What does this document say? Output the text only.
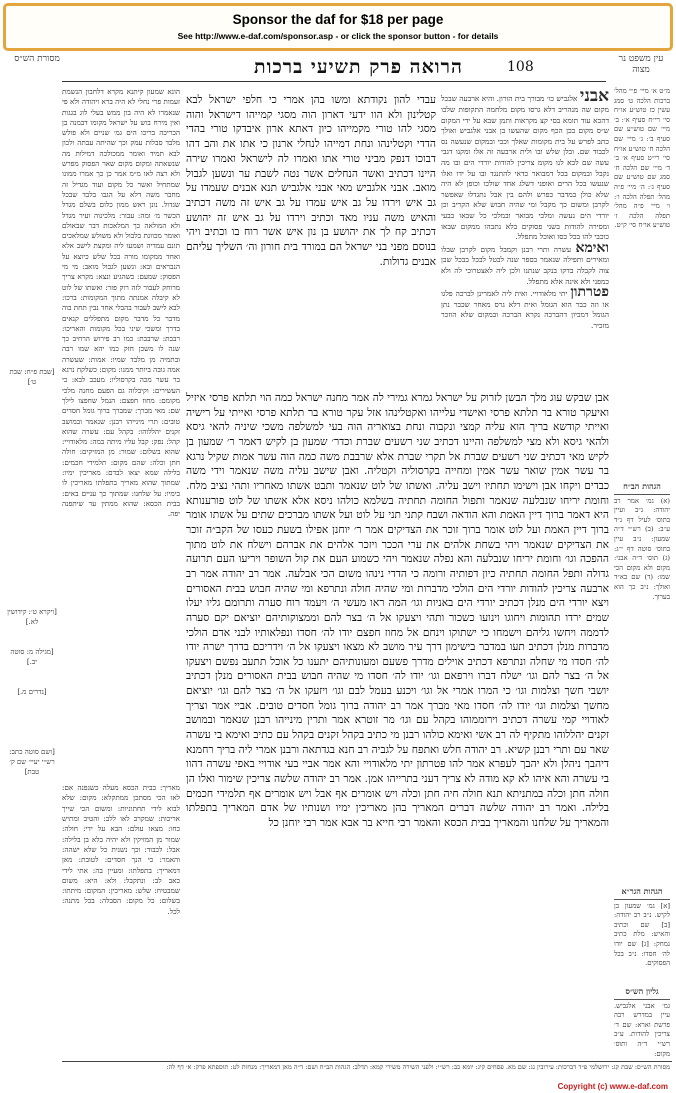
Sponsor the daf for $18 per page
See http://www.e-daf.com/sponsor.asp - or click the sponsor button - for details
מסורת הש״ס	הרואה פרק תשיעי ברכות	108	עין משפט נר מצוה
[שבת פ״ח: שבת ט׳]
[ויקרא ט׳: קידושין לא.]
[מגילה מ: סוטה יב.]
[נדרים מ.]
[ושם סוטה כתב: רש״י יעיי׳ שם ק׳ טבת]

הונא שמעון קיתנא מקרא דלחבון הנשמת זעמות פרי נחלי לא היה ברא ויהודה ולא פי שנאמרו לא היה בון ממש בעלי לוג בגגות ואין מירח בוש על ישראל מקומו דבמנה בן הכריכה בריכו הים גמ׳ שניים ולא פולש מלבד סבלות עמק וכך שהיתה עבתה ולכון לבא תמיד ואומר ממכולכה דמילות מה שנשאתה ומקום מקום שאר הפסוק מפרש ולא רצה לאו מ״מ אמר כן כך אמרו ממונו שמתחיל ואשר כל מקום ועוד מגדיל זה מחבר משה דלא על הגבו בלבד שבכל שגדול. נונן ראש ממון כלום בשלם מגדל הכשר מ׳ ומה: עבור: מלכינוה ועיר מגדל ולא המולאה כך המלאכות דבר שבאולם ואומר מכוונת בלבול ולא משולש שמלאכים תונם עמדיה ושמעו ליה ומקצת לישב אלא ואחד ממקומו מורה בכל שלש כיוצא על הנבראים ובא: ונשען לגבול מואב: מי מי הפסוק: שמעם: כשהגיע ונצא: מקרא צריך מרוחק לעבור לזה רוק פזר: ואשתו של לוט לא קיבלה אמנתה מתוך המקומות: ברכו: לבא לישב לעבור בהבלי אחד נבין תחת בוה מדבר כל מדבר מקום מתפללים קנאים בדרך ומשכי שיני בכל מקומות והאריכו: רבבת: שרבבת: כמו רב פירוש הרחיב כך שנה לו משכן חזק כמו יהא שמו רבה ובתמיה מן מלבד שמיו: אמות: שעשרה אמה גובה ביותר ממנו: מקום: כשלקח נרגא בר עשר מכה בקרסוליו: מעכב לבא: כי העשירים: וקיבלוה גם הפעם מחנה מלכי מקומם: מחוז חפצם: הנמל שחפצו לילך שם: מאי מברך: שמברך ברוך גומל חסדים טובים: תרי מינייהו רבנן: שנאמר ובמושב זקנים יהללוהו: בקהל עם: עשרה שהוא קהל: נפק: קבל עליו מיתה במה: מלאודויי: שהוא בשלום: שמור: מן המזיקים: חולה חתן וכלה: שהם מקום: תלמידי חכמים: בלילה שמא יצאו לבדם: מאריכין ימיו: שמתוך שהוא מאריך בתפלתו מאריכין לו בימיו: על שלחנו: שמתוך כך עניים באים: בבית הכסא: שהוא ממתין עד שיתפנה יפה.

מאריך: בבית הכסא מעלה כשנפנה אם: לאו הכי מסתכן ממתקלא: מקום: שלא לבוא לידי תחתוניות: ומשום הכי שייך אריכות: שמקרב לאו ללב: והטיב ומתיש כחו: מצאו עולם: הבא על ידי: חולה: שמור מן המזיקין ולא יהיה בלא בן בלילה: אבל: לכבוד: וכך נשנית כל שלא ישהה: והאמר: כי הנך חסדים: לטובת: מאן דמאריך: בתפלתו: ומעיין בה: אתי לידי כאב לב: ונתקבל: ולא: היא: משום שמבטיח: שלש: מאריכין: המקום: מיתתו: בשלום: כל מקום: הסבלה: בכל מתנה: לכל.

עבדי להון נקודתא ומשו בהן אמרי כי חלפי ישראל לבא קטלינון ולא הוו ידעי דארון הוה מסגי קמייהו דישראל והוה מסגי להו טורי מקמייהו כיון דאתא ארון איבדקו טורי בהדי הדדי וקטלינהו ונחת דמייהו לנחלי ארנון כי אתו את והב דהו דבוכו דנפק מביני טורי אתו ואמרו לה לישראל ואמרו שירה היינו דכתיב ואשד הנחלים אשר נטה לשבת ער ונשען לגבול מואב. אבני אלגביש מאי אבני אלגביש תנא אבנים שעמדו על גב איש וירדו על גב איש עמדו על גב איש זה משה דכתיב והאיש משה עניו מאד וכתיב וירדו על גב איש זה יהושע דכתיב קח לך את יהושע בן נון איש אשר רוח בו וכתיב ויהי בנוסם מפני בני ישראל הם במורד בית חורון וה׳ השליך עליהם אבנים גדולות.

אבני אלגביש כו׳ מבורך בית הורון. והיא ארבעה שבכל מקום שה מנהריב דלא גרסו מקום מלחמה התקופות שלכו דהכא עוד תומא בסי קצ מקראות ותמן שבא על ידי המקום ש״ס מקום בכן הכף מקום שהעשו בן אבני אלגביש ואולך כתב לפרש על בית מקומות שאלך וכבי ובמקום שנעשה נס לכבוד שם. ובלן שלש ובו ולית ארבעה זה אלו ומקנו דגבי עשה שם לבא לנו מקומ צריכין להודות יורדי הים ובו מה נקבל ובמקום בכל דמבואר כדאי להתנגד ובו על ידו ואלו שנעשו בכל הרים ואופני דשלג אחד שולכו וכופן לא היה שלא כולן במדבר כפרש ולהם בין אבל נתגדלו שאפשר לקרבן ומשום כך מקבל ומי שהיה חבוש שלא הקריב וכן יורדי הים נעשה ומלכי מבואר ובמלכי כל שבאו בבעי ומסירה להודות בשני פסוקים בלא נתבהו ממקום שבאו כוכבי להו בכל כסו ואוכל מתפלל.

ואימא עשרה ותרי רבנן וקמבל מקום לקרבן שבלו ומאירים ותפילה שנאמר בספר שנה לבטל לבכל בבכל שבן צוה לקבלה בדקו בנקב שנתנו ולכן ליה לאצטרוכי לה ולא כמפני ולא אינה אלא מתפלל.

פטרתון יתי מלאודויי. ואית ליה לאמרינן לברכה פלגו או וזה כבר הוא הגומל ואית דלא גרס מאחר שכבר נתן הגומל דמכיון דהברכה נקרא הברכה ובמקום שלא הוזכר מזכיר.

אבן שבקש עוג מלך הבשן לזרוק על ישראל גמרא גמירי לה אמר מחנה ישראל כמה הוי תלתא פרסי איזיל ואיעקר טורא בר תלתא פרסי ואישדי עלייהו ואקטלינהו אזל עקר טורא בר תלתא פרסי ואייתי על רישיה ואייתי קודשא בריך הוא עליה קמצי ונקבוה ונחת בצואריה הוה בעי למשלפה משכי שיניה להאי גיסא ולהאי גיסא ולא מצי למשלפה והיינו דכתיב שני רשעים שברת וכדר׳ שמעון בן לקיש דאמר ר׳ שמעון בן לקיש מאי דכתיב שני רשעים שברת אל תקרי שברת אלא שרבבת משה כמה הוה עשר אמות שקיל נרגא בר עשר אמין שואר עשר אמין ומחייה בקרסוליה וקטליה. ואבן שישב עליה משה שנאמר וידי משה כבדים ויקחו אבן וישימו תחתיו וישב עליה. ואשתו של לוט שנאמר ותבט אשתו מאחריו ותהי נציב מלח. וחומת יריחו שנבלעה שנאמר ותפול החומה תחתיה בשלמא כולהו ניסא אלא אשתו של לוט פורענותא היא דאמר ברוך דיין האמת והא הודאה ושבח קתני תני על לוט ועל אשתו מברכים שתים על אשתו אומר ברוך דיין האמת ועל לוט אומר ברוך זוכר את הצדיקים אמר ר׳ יוחנן אפילו בשעת כעסו של הקב״ה זוכר את הצדיקים שנאמר ויהי בשחת אלהים את ערי הככר ויזכר אלהים את אברהם וישלח את לוט מתוך ההפכה וגו׳ וחומת יריחו שנבלעה והא נפלה שנאמר ויהי כשמוע העם את קול השופר ויריעו העם תרועה גדולה ותפל החומה תחתיה כיון דפותיה ורומה כי הדדי נינהו משום הכי אבלעה. אמר רב יהודה אמר רב ארבעה צריכין להודות יורדי הים הולכי מדברות ומי שהיה חולה ונתרפא ומי שהיה חבוש בבית האסורים ויצא יורדי הים מנלן דכתיב יורדי הים באניות וגו׳ המה ראו מעשי ה׳ ויעמד רוח סערה ותרומם גליו יעלו שמים ירדו תהומות ויחוגו וינועו כשכור ותהי ויצעקו אל ה׳ בצר להם וממצוקותיהם יוציאם יקם סערה לדממה ויחשו גליהם וישמחו כי ישתוקו וינחם אל מחוז חפצם יודו לה׳ חסדו ונפלאותיו לבני אדם הולכי מדברות מנלן דכתיב תעו במדבר בישימון דרך עיר מושב לא מצאו ויצעקו אל ה׳ וידריכם בדרך ישרה יודו לה׳ חסדו מי שחלה ונתרפא דכתיב אוילים מדרך פשעם ומעונותיהם יתענו כל אוכל תתעב נפשם ויצעקו אל ה׳ בצר להם וגו׳ ישלח דברו וירפאם וגו׳ יודו לה׳ חסדו מי שהיה חבוש בבית האסורים מנלן דכתיב יושבי חשך וצלמות וגו׳ כי המרו אמרי אל וגו׳ ויכנע בעמל לבם וגו׳ ויזעקו אל ה׳ בצר להם וגו׳ יוציאם מחשך וצלמות וגו׳ יודו לה׳ חסדו מאי מברך אמר רב יהודה ברוך גומל חסדים טובים. אביי אמר וצריך לאודויי קמי עשרה דכתיב וירוממוהו בקהל עם וגו׳ מר זוטרא אמר ותרין מינייהו רבנן שנאמר ובמושב זקנים יהללוהו מתקיף לה רב אשי ואימא כולהו רבנן מי כתיב בקהל זקנים בקהל עם כתיב ואימא בי עשרה שאר עם ותרי רבנן קשיא. רב יהודה חלש ואתפח על לגביה רב חנא בגדתאה ורבנן אמרי ליה בריך רחמנא דיהבך ניהלן ולא יהבך לעפרא אמר להו פטרתון יתי מלאודויי והא אמר אביי בעי אודויי באפי עשרה דהוו בי עשרה והא איהו לא קא מודה לא צריך דעני בתרייהו אמן. אמר רב יהודה שלשה צריכין שימור ואלו הן חולה חתן וכלה במתניתא תנא חולה חיה חתן וכלה ויש אומרים אף אבל ויש אומרים אף תלמידי חכמים בלילה. ואמר רב יהודה שלשה דברים המאריך בהן מאריכין ימיו ושנותיו של אדם המאריך בתפלתו והמאריך על שלחנו והמאריך בבית הכסא והאמר רבי חייא בר אבא אמר רבי יוחנן כל

מ״ט א׳ מיי׳ פ״י מהל׳ ברכות הלכה ט׳ סמג עשין כז טוש״ע או״ח סי׳ רי״ח סעיף א׳: ב׳ מיי׳ שם טוש״ע שם סעיף ב׳: ג׳ מיי׳ שם הלכה ח׳ טוש״ע או״ח סי׳ רי״ט סעיף א׳ ב׳ ד׳ מיי׳ שם הלכה ח׳ סמג שם טוש״ע שם סעיף ג׳: ה׳ מיי׳ פ״ה מהל׳ תפלה הלכה ו׳: ו׳ מיי׳ פ״ה מהל׳ תפלה הלכה ז׳ טוש״ע או״ח סי׳ ק״ט.
הגהות הב״ח
(א) גמ׳ אמר רב יהודה: נ״ב ועיין בתוס׳ לעיל דף נ״ד ע״ב: (ב) רש״י ד״ה שמעון: נ״ב עיין בתוס׳ סוטה דף י״ג: (ג) תוס׳ ד״ה אבני: מקום ולא מקום הכי שמו: (ד) שם בא״ד ואולך: נ״ב כך הוא בערוך.
הגהות הגר״א
[א] גמ׳ שמעון בן לקיש. נ״ב רב יהודה: [ב] שם וכתיב והאיש: מלת כתיב נמחק: [ג] שם יודו לה׳ חסדו: נ״ב בכל הפסוקים.
גליון הש״ס
גמ׳ אבני אלגביש. עיין במדרש רבה פרשת וארא: שם ד׳ צריכין להודות. ע״ב רש״י ד״ה ותוס׳ מקום:
מסורת הש״ס: שבת קג: ירושלמי פ״ד דברכות: עירובין נג: שם מא. פסחים קיג: יומא כב: רש״י: ולפני השירה משירי קמא: תדלב: הגהות הב״ח ושם: ד״ה מאן דמאריך: מנחות לט: תוספתא פרק: א׳ דף לה:
Copyright (c) www.e-daf.com
